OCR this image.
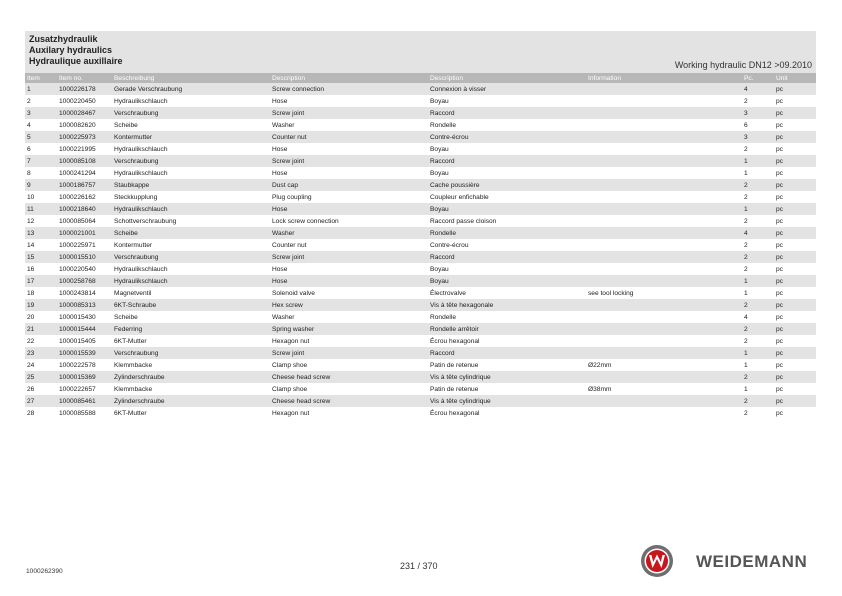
Zusatzhydraulik
Auxilary hydraulics
Hydraulique auxillaire	Working hydraulic DN12 >09.2010
Item	Item no.	Beschreibung	Description	Description	Information	Pc.	Unit
1	1000226178	Gerade Verschraubung	Screw connection	Connexion à visser		4	pc
2	1000220450	Hydraulikschlauch	Hose	Boyau		2	pc
3	1000028467	Verschraubung	Screw joint	Raccord		3	pc
4	1000082620	Scheibe	Washer	Rondelle		6	pc
5	1000225973	Kontermutter	Counter nut	Contre-écrou		3	pc
6	1000221995	Hydraulikschlauch	Hose	Boyau		2	pc
7	1000085108	Verschraubung	Screw joint	Raccord		1	pc
8	1000241294	Hydraulikschlauch	Hose	Boyau		1	pc
9	1000186757	Staubkappe	Dust cap	Cache poussière		2	pc
10	1000226162	Steckkupplung	Plug coupling	Coupleur enfichable		2	pc
11	1000218640	Hydraulikschlauch	Hose	Boyau		1	pc
12	1000085064	Schottverschraubung	Lock screw connection	Raccord passe cloison		2	pc
13	1000021001	Scheibe	Washer	Rondelle		4	pc
14	1000225971	Kontermutter	Counter nut	Contre-écrou		2	pc
15	1000015510	Verschraubung	Screw joint	Raccord		2	pc
16	1000220540	Hydraulikschlauch	Hose	Boyau		2	pc
17	1000258768	Hydraulikschlauch	Hose	Boyau		1	pc
18	1000243814	Magnetventil	Solenoid valve	Électrovalve	see tool locking	1	pc
19	1000085313	6KT-Schraube	Hex screw	Vis à tête hexagonale		2	pc
20	1000015430	Scheibe	Washer	Rondelle		4	pc
21	1000015444	Federring	Spring washer	Rondelle arrêtoir		2	pc
22	1000015405	6KT-Mutter	Hexagon nut	Écrou hexagonal		2	pc
23	1000015539	Verschraubung	Screw joint	Raccord		1	pc
24	1000222578	Klemmbacke	Clamp shoe	Patin de retenue	Ø22mm	1	pc
25	1000015369	Zylinderschraube	Cheese head screw	Vis à tête cylindrique		2	pc
26	1000222657	Klemmbacke	Clamp shoe	Patin de retenue	Ø38mm	1	pc
27	1000085461	Zylinderschraube	Cheese head screw	Vis à tête cylindrique		2	pc
28	1000085588	6KT-Mutter	Hexagon nut	Écrou hexagonal		2	pc
1000262390
231 / 370	WEIDEMANN
